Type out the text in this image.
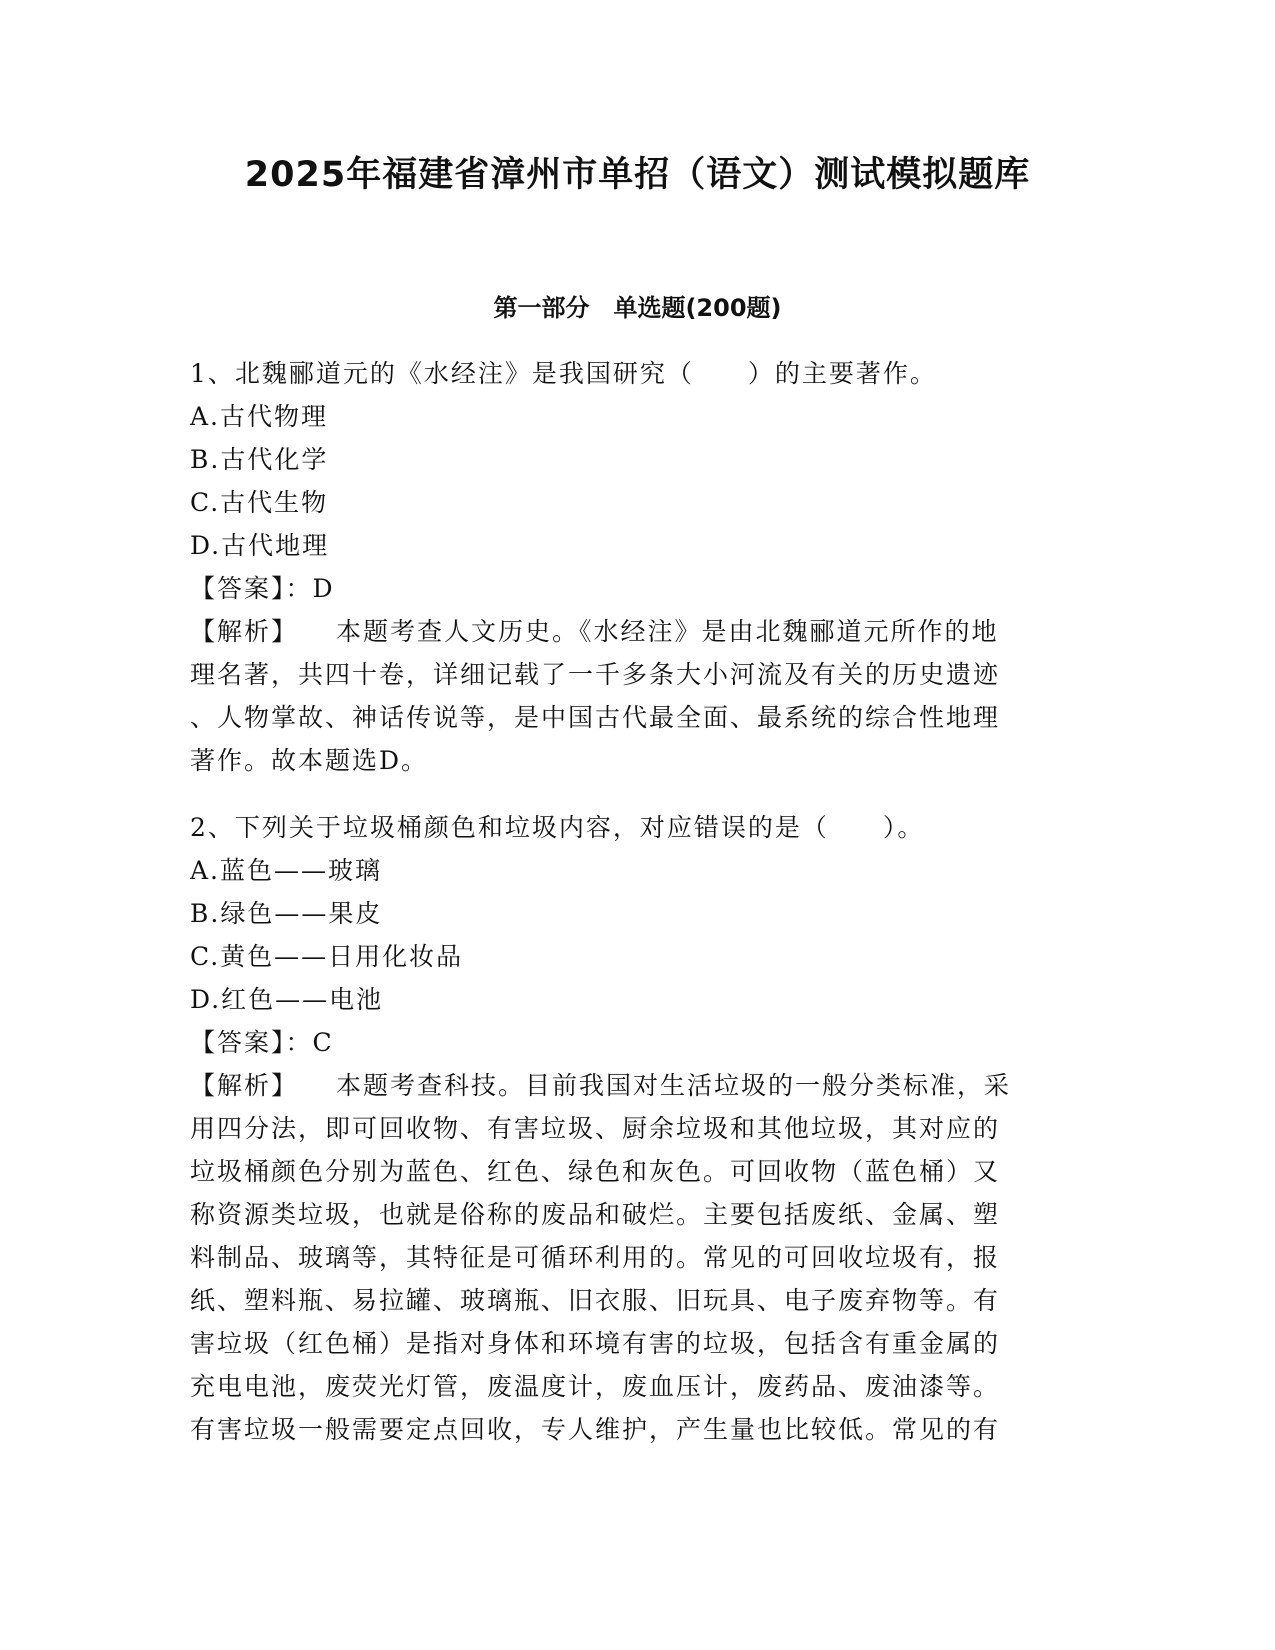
2025年福建省漳州市单招（语文）测试模拟题库
第一部分　单选题(200题)
1、北魏郦道元的《水经注》是我国研究（　　）的主要著作。
A.古代物理
B.古代化学
C.古代生物
D.古代地理
【答案】：D
【解析】 本题考查人文历史。《水经注》是由北魏郦道元所作的地
理名著，共四十卷，详细记载了一千多条大小河流及有关的历史遗迹
、人物掌故、神话传说等，是中国古代最全面、最系统的综合性地理
著作。故本题选D。
2、下列关于垃圾桶颜色和垃圾内容，对应错误的是（　　）。
A.蓝色——玻璃
B.绿色——果皮
C.黄色——日用化妆品
D.红色——电池
【答案】：C
【解析】 本题考查科技。目前我国对生活垃圾的一般分类标准，采
用四分法，即可回收物、有害垃圾、厨余垃圾和其他垃圾，其对应的
垃圾桶颜色分别为蓝色、红色、绿色和灰色。可回收物（蓝色桶）又
称资源类垃圾，也就是俗称的废品和破烂。主要包括废纸、金属、塑
料制品、玻璃等，其特征是可循环利用的。常见的可回收垃圾有，报
纸、塑料瓶、易拉罐、玻璃瓶、旧衣服、旧玩具、电子废弃物等。有
害垃圾（红色桶）是指对身体和环境有害的垃圾，包括含有重金属的
充电电池，废荧光灯管，废温度计，废血压计，废药品、废油漆等。
有害垃圾一般需要定点回收，专人维护，产生量也比较低。常见的有
